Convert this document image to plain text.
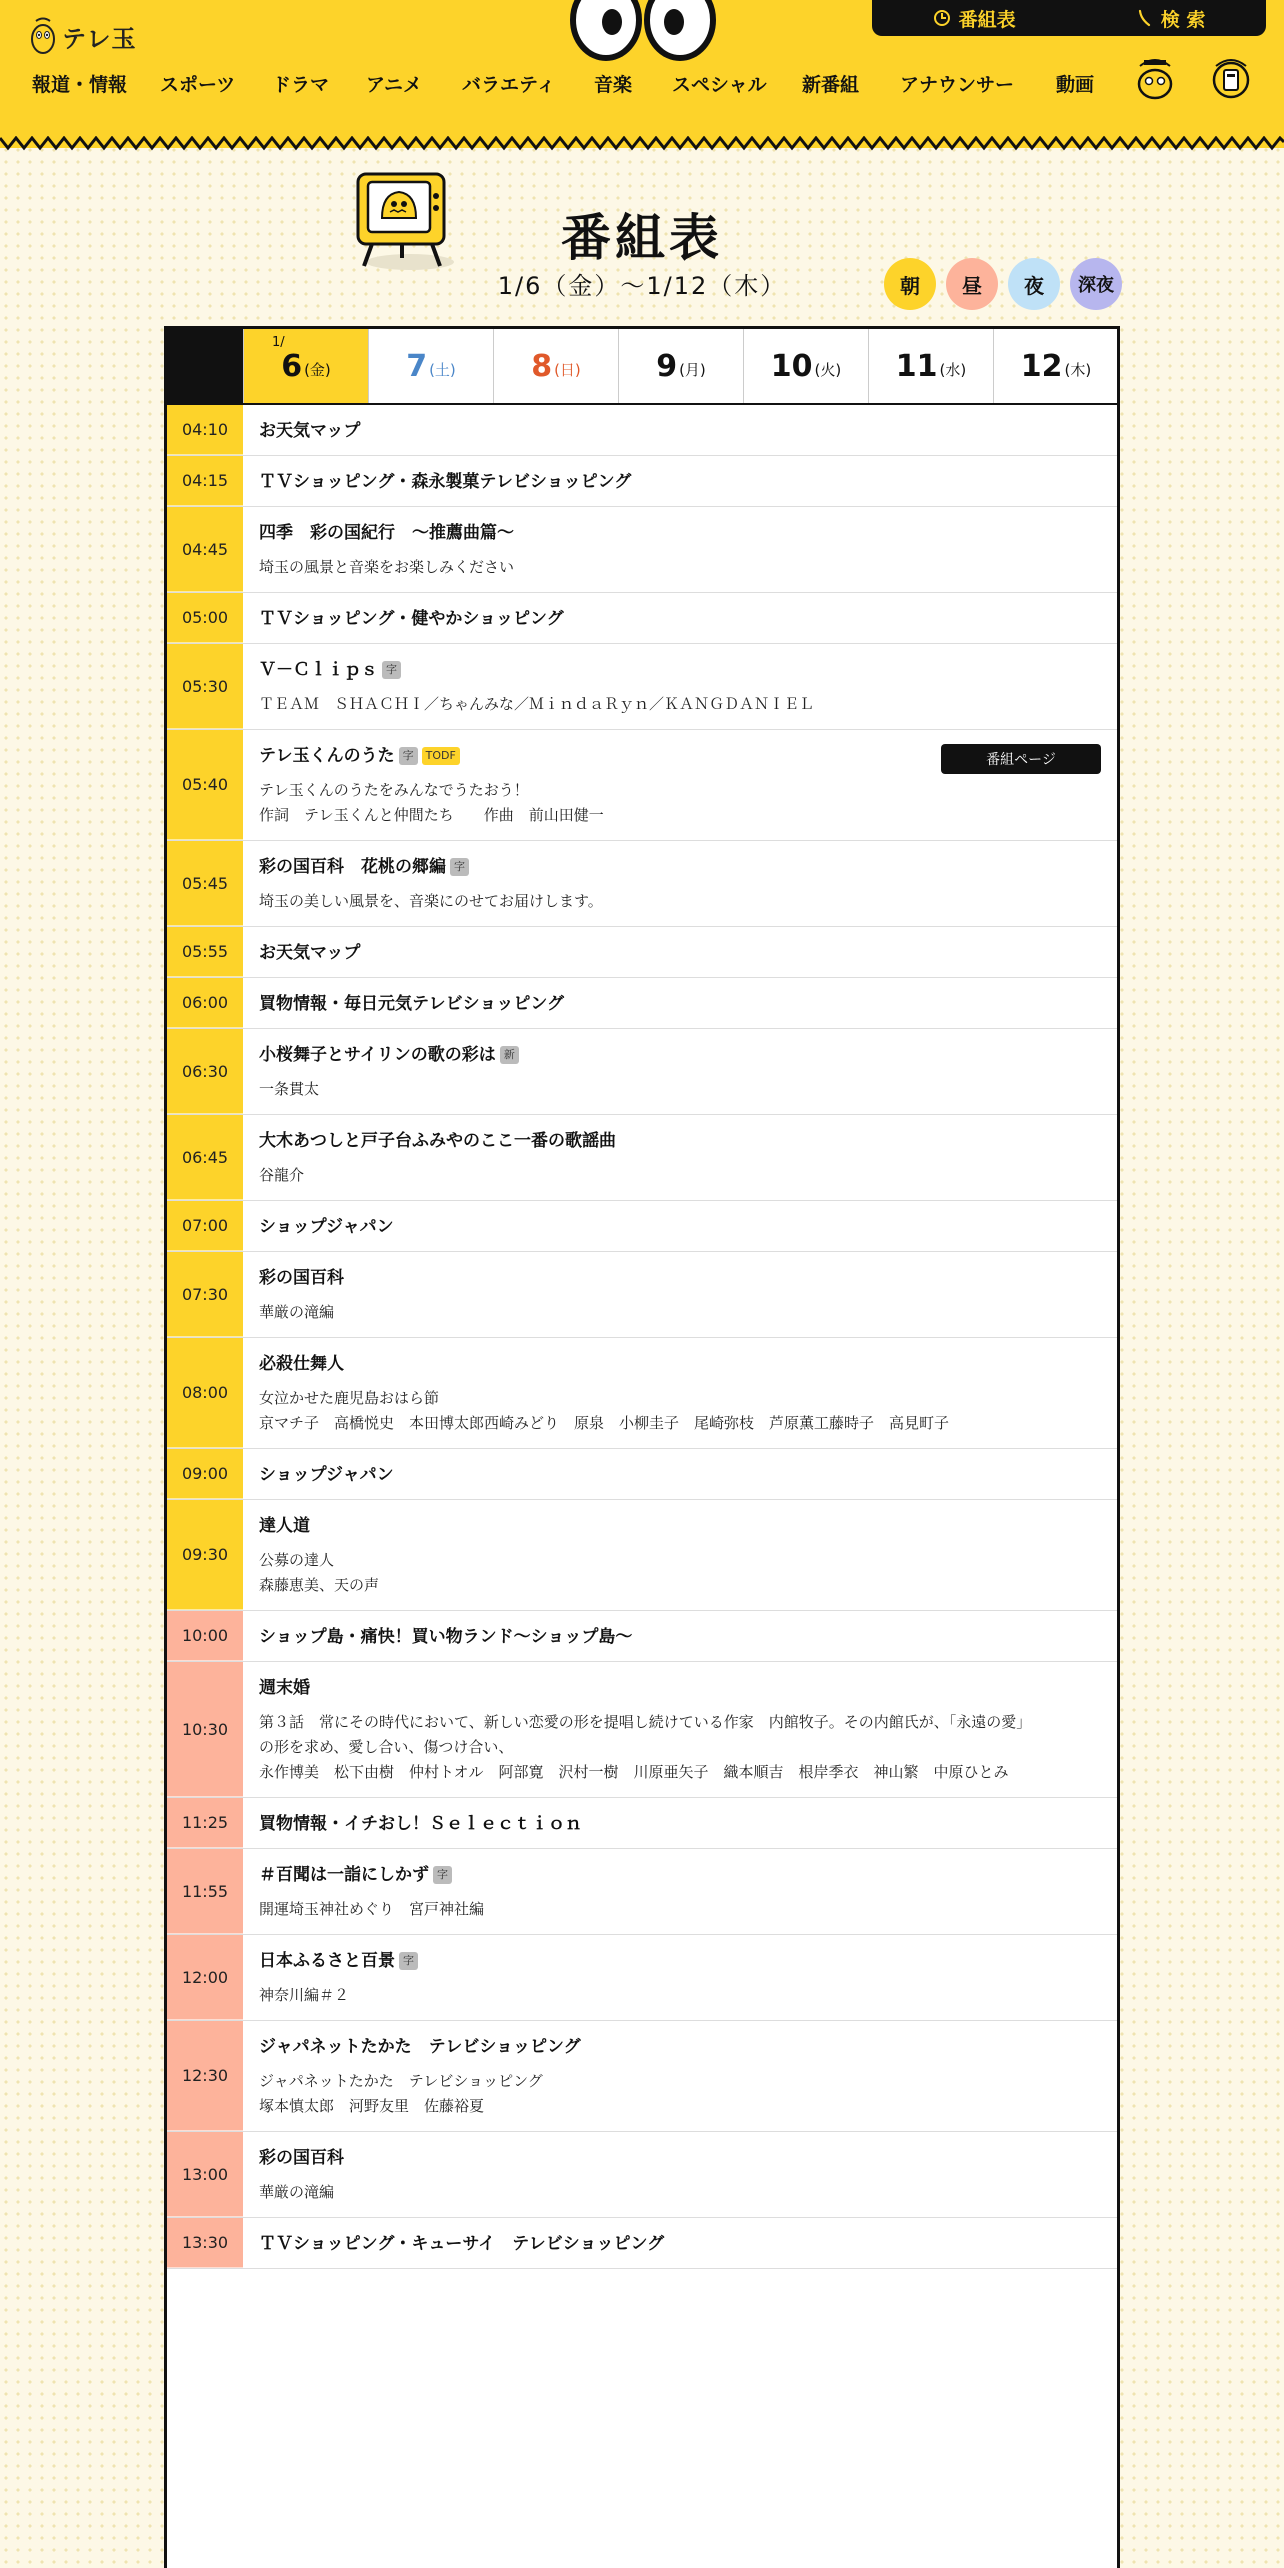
テレ玉
番組表	検 索
報道・情報 スポーツ ドラマ アニメ バラエティ 音楽 スペシャル 新番組 アナウンサー 動画
番組表
1/6（金）〜1/12（木）	朝 昼 夜 深夜
1/
6 (金)	7 (土)	8 (日)	9 (月) 10 (火) 11 (水) 12 (木)
04:10	お天気マップ
04:15	ＴＶショッピング・森永製菓テレビショッピング
04:45
四季　彩の国紀行　～推薦曲篇～
埼玉の風景と音楽をお楽しみください
05:00	ＴＶショッピング・健やかショッピング
05:30
Ｖ－Ｃｌｉｐｓ 字
ＴＥＡＭ　ＳＨＡＣＨＩ／ちゃんみな／ＭｉｎｄａＲｙｎ／ＫＡＮＧＤＡＮＩＥＬ
05:40
テレ玉くんのうた 字	TODF
テレ玉くんのうたをみんなでうたおう！
作詞　テレ玉くんと仲間たち　　作曲　前山田健一
番組ページ
05:45
彩の国百科　花桃の郷編 字
埼玉の美しい風景を、音楽にのせてお届けします。
05:55	お天気マップ
06:00	買物情報・毎日元気テレビショッピング
06:30
小桜舞子とサイリンの歌の彩は 新
一条貫太
06:45
大木あつしと戸子台ふみやのここ一番の歌謡曲
谷龍介
07:00	ショップジャパン
07:30
彩の国百科
華厳の滝編
08:00
必殺仕舞人
女泣かせた鹿児島おはら節
京マチ子　高橋悦史　本田博太郎西崎みどり　原泉　小柳圭子　尾崎弥枝　芦原薫工藤時子　高見町子
09:00	ショップジャパン
09:30
達人道
公募の達人
森藤恵美、天の声
10:00	ショップ島・痛快！買い物ランド～ショップ島～
10:30
週末婚
第３話　常にその時代において、新しい恋愛の形を提唱し続けている作家　内館牧子。その内館氏が、「永遠の愛」
の形を求め、愛し合い、傷つけ合い、
永作博美　松下由樹　仲村トオル　阿部寛　沢村一樹　川原亜矢子　織本順吉　根岸季衣　神山繁　中原ひとみ
11:25	買物情報・イチおし！Ｓｅｌｅｃｔｉｏｎ
11:55
＃百聞は一詣にしかず 字
開運埼玉神社めぐり　宮戸神社編
12:00
日本ふるさと百景 字
神奈川編＃２
12:30
ジャパネットたかた　テレビショッピング
ジャパネットたかた　テレビショッピング
塚本慎太郎　河野友里　佐藤裕夏
13:00
彩の国百科
華厳の滝編
13:30	ＴＶショッピング・キューサイ　テレビショッピング
